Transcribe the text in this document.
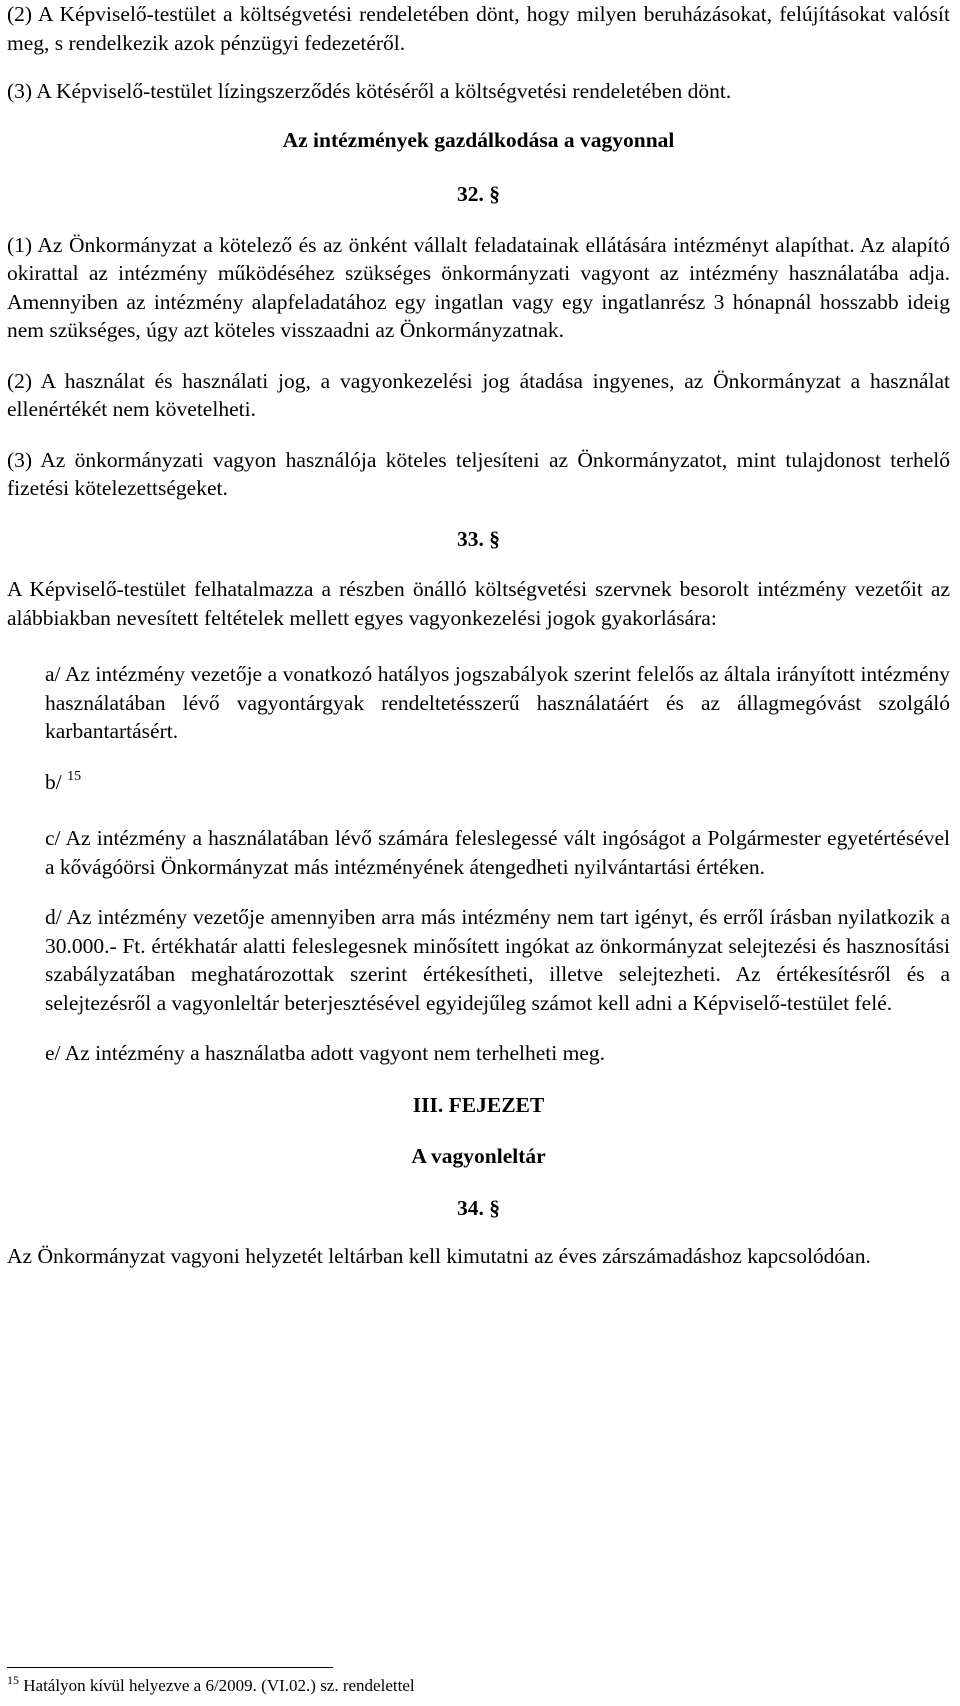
(2) A Képviselő-testület a költségvetési rendeletében dönt, hogy milyen beruházásokat, felújításokat valósít meg, s rendelkezik azok pénzügyi fedezetéről.

(3) A Képviselő-testület lízingszerződés kötéséről a költségvetési rendeletében dönt.

Az intézmények gazdálkodása a vagyonnal

32. §

(1) Az Önkormányzat a kötelező és az önként vállalt feladatainak ellátására intézményt alapíthat. Az alapító okirattal az intézmény működéséhez szükséges önkormányzati vagyont az intézmény használatába adja. Amennyiben az intézmény alapfeladatához egy ingatlan vagy egy ingatlanrész 3 hónapnál hosszabb ideig nem szükséges, úgy azt köteles visszaadni az Önkormányzatnak.

(2) A használat és használati jog, a vagyonkezelési jog átadása ingyenes, az Önkormányzat a használat ellenértékét nem követelheti.

(3) Az önkormányzati vagyon használója köteles teljesíteni az Önkormányzatot, mint tulajdonost terhelő fizetési kötelezettségeket.

33. §

A Képviselő-testület felhatalmazza a részben önálló költségvetési szervnek besorolt intézmény vezetőit az alábbiakban nevesített feltételek mellett egyes vagyonkezelési jogok gyakorlására:

a/ Az intézmény vezetője a vonatkozó hatályos jogszabályok szerint felelős az általa irányított intézmény használatában lévő vagyontárgyak rendeltetésszerű használatáért és az állagmegóvást szolgáló karbantartásért.

b/ $^{15}$

c/ Az intézmény a használatában lévő számára feleslegessé vált ingóságot a Polgármester egyetértésével a kővágóörsi Önkormányzat más intézményének átengedheti nyilvántartási értéken.

d/ Az intézmény vezetője amennyiben arra más intézmény nem tart igényt, és erről írásban nyilatkozik a 30.000.- Ft. értékhatár alatti feleslegesnek minősített ingókat az önkormányzat selejtezési és hasznosítási szabályzatában meghatározottak szerint értékesítheti, illetve selejtezheti. Az értékesítésről és a selejtezésről a vagyonleltár beterjesztésével egyidejűleg számot kell adni a Képviselő-testület felé.

e/ Az intézmény a használatba adott vagyont nem terhelheti meg.

III. FEJEZET

A vagyonleltár

34. §

Az Önkormányzat vagyoni helyzetét leltárban kell kimutatni az éves zárszámadáshoz kapcsolódóan.

$^{15}$ Hatályon kívül helyezve a 6/2009. (VI.02.) sz. rendelettel
